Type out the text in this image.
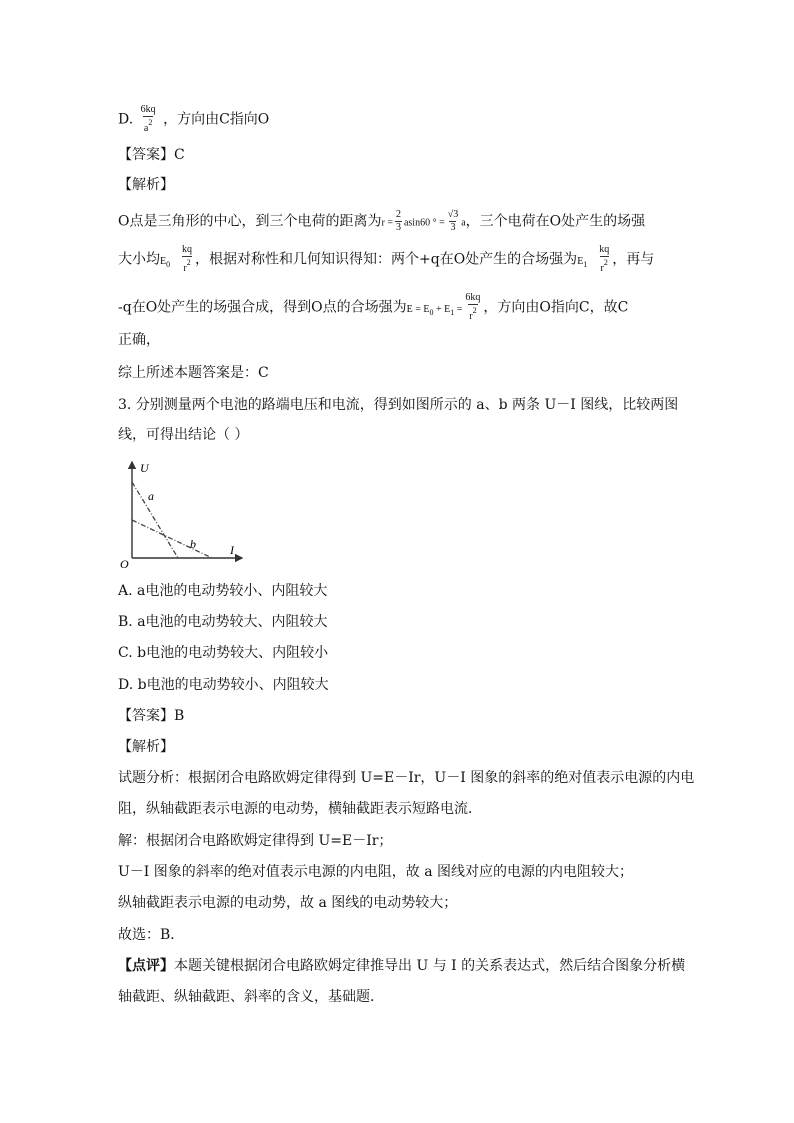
D. $\frac{6kq}{a^2}$ ，方向由C指向O
【答案】C
【解析】
O点是三角形的中心，到三个电荷的距离为$r = \frac{2}{3} asin60$ ° = $\frac{√3}{3}$ a，三个电荷在O处产生的场强
大小均$E_0 \frac{kq}{r^2}$ ，根据对称性和几何知识得知：两个+q在O处产生的合场强为$E_1 \frac{kq}{r^2}$ ，再与
-q在O处产生的场强合成，得到O点的合场强为$E = E_0 + E_1 = \frac{6kq}{r^2}$ ，方向由O指向C，故C
正确，
综上所述本题答案是：C
3. 分别测量两个电池的路端电压和电流，得到如图所示的 a、b 两条 U－I 图线，比较两图
线，可得出结论（ ）
U
I
O
a
b
A. a电池的电动势较小、内阻较大
B. a电池的电动势较大、内阻较大
C. b电池的电动势较大、内阻较小
D. b电池的电动势较小、内阻较大
【答案】B
【解析】
试题分析：根据闭合电路欧姆定律得到 U=E－Ir，U－I 图象的斜率的绝对值表示电源的内电
阻，纵轴截距表示电源的电动势，横轴截距表示短路电流．
解：根据闭合电路欧姆定律得到 U=E－Ir；
U－I 图象的斜率的绝对值表示电源的内电阻，故 a 图线对应的电源的内电阻较大；
纵轴截距表示电源的电动势，故 a 图线的电动势较大；
故选：B．
【点评】本题关键根据闭合电路欧姆定律推导出 U 与 I 的关系表达式，然后结合图象分析横
轴截距、纵轴截距、斜率的含义，基础题．
